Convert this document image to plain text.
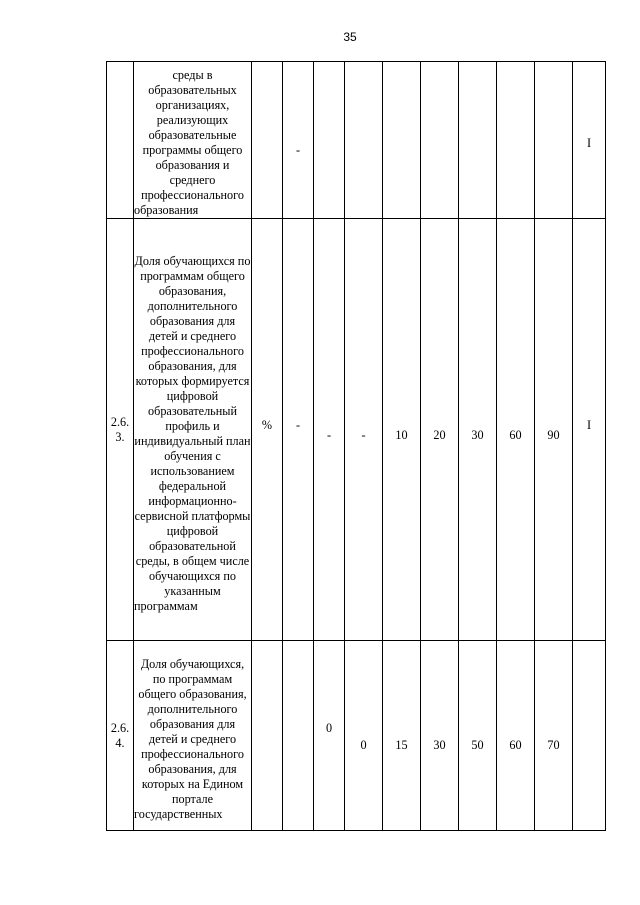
35
	среды в образовательных организациях, реализующих образовательные программы общего образования и среднего профессионального образования		-								I
2.6. 3.	Доля обучающихся по программам общего образования, дополнительного образования для детей и среднего профессионального образования, для которых формируется цифровой образовательный профиль и индивидуальный план обучения с использованием федеральной информационно-сервисной платформы цифровой образовательной среды, в общем числе обучающихся по указанным программам	%	-	-	-	10	20	30	60	90	I
2.6. 4.	Доля обучающихся, по программам общего образования, дополнительного образования для детей и среднего профессионального образования, для которых на Едином портале государственных			0	0	15	30	50	60	70	
